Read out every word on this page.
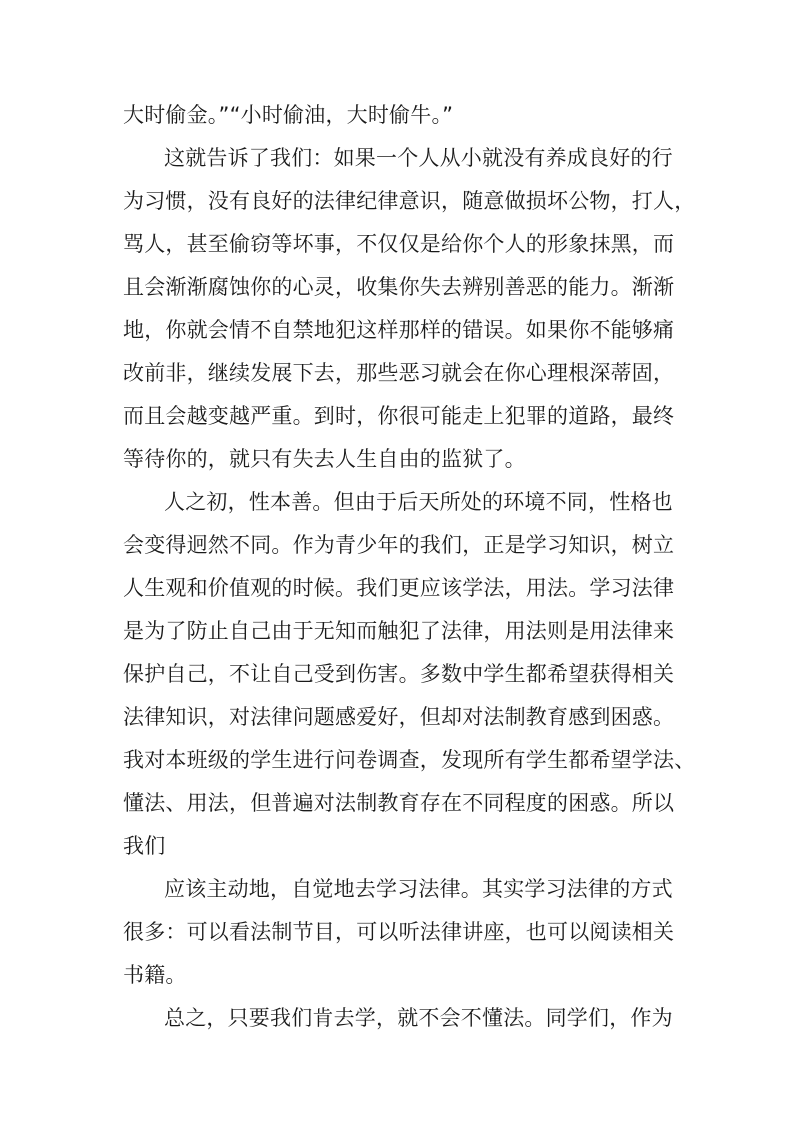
大时偷金。”“小时偷油，大时偷牛。”
这就告诉了我们：如果一个人从小就没有养成良好的行
为习惯，没有良好的法律纪律意识，随意做损坏公物，打人，
骂人，甚至偷窃等坏事，不仅仅是给你个人的形象抹黑，而
且会渐渐腐蚀你的心灵，收集你失去辨别善恶的能力。渐渐
地，你就会情不自禁地犯这样那样的错误。如果你不能够痛
改前非，继续发展下去，那些恶习就会在你心理根深蒂固，
而且会越变越严重。到时，你很可能走上犯罪的道路，最终
等待你的，就只有失去人生自由的监狱了。
人之初，性本善。但由于后天所处的环境不同，性格也
会变得迥然不同。作为青少年的我们，正是学习知识，树立
人生观和价值观的时候。我们更应该学法，用法。学习法律
是为了防止自己由于无知而触犯了法律，用法则是用法律来
保护自己，不让自己受到伤害。多数中学生都希望获得相关
法律知识，对法律问题感爱好，但却对法制教育感到困惑。
我对本班级的学生进行问卷调查，发现所有学生都希望学法、
懂法、用法，但普遍对法制教育存在不同程度的困惑。所以
我们
应该主动地，自觉地去学习法律。其实学习法律的方式
很多：可以看法制节目，可以听法律讲座，也可以阅读相关
书籍。
总之，只要我们肯去学，就不会不懂法。同学们，作为
